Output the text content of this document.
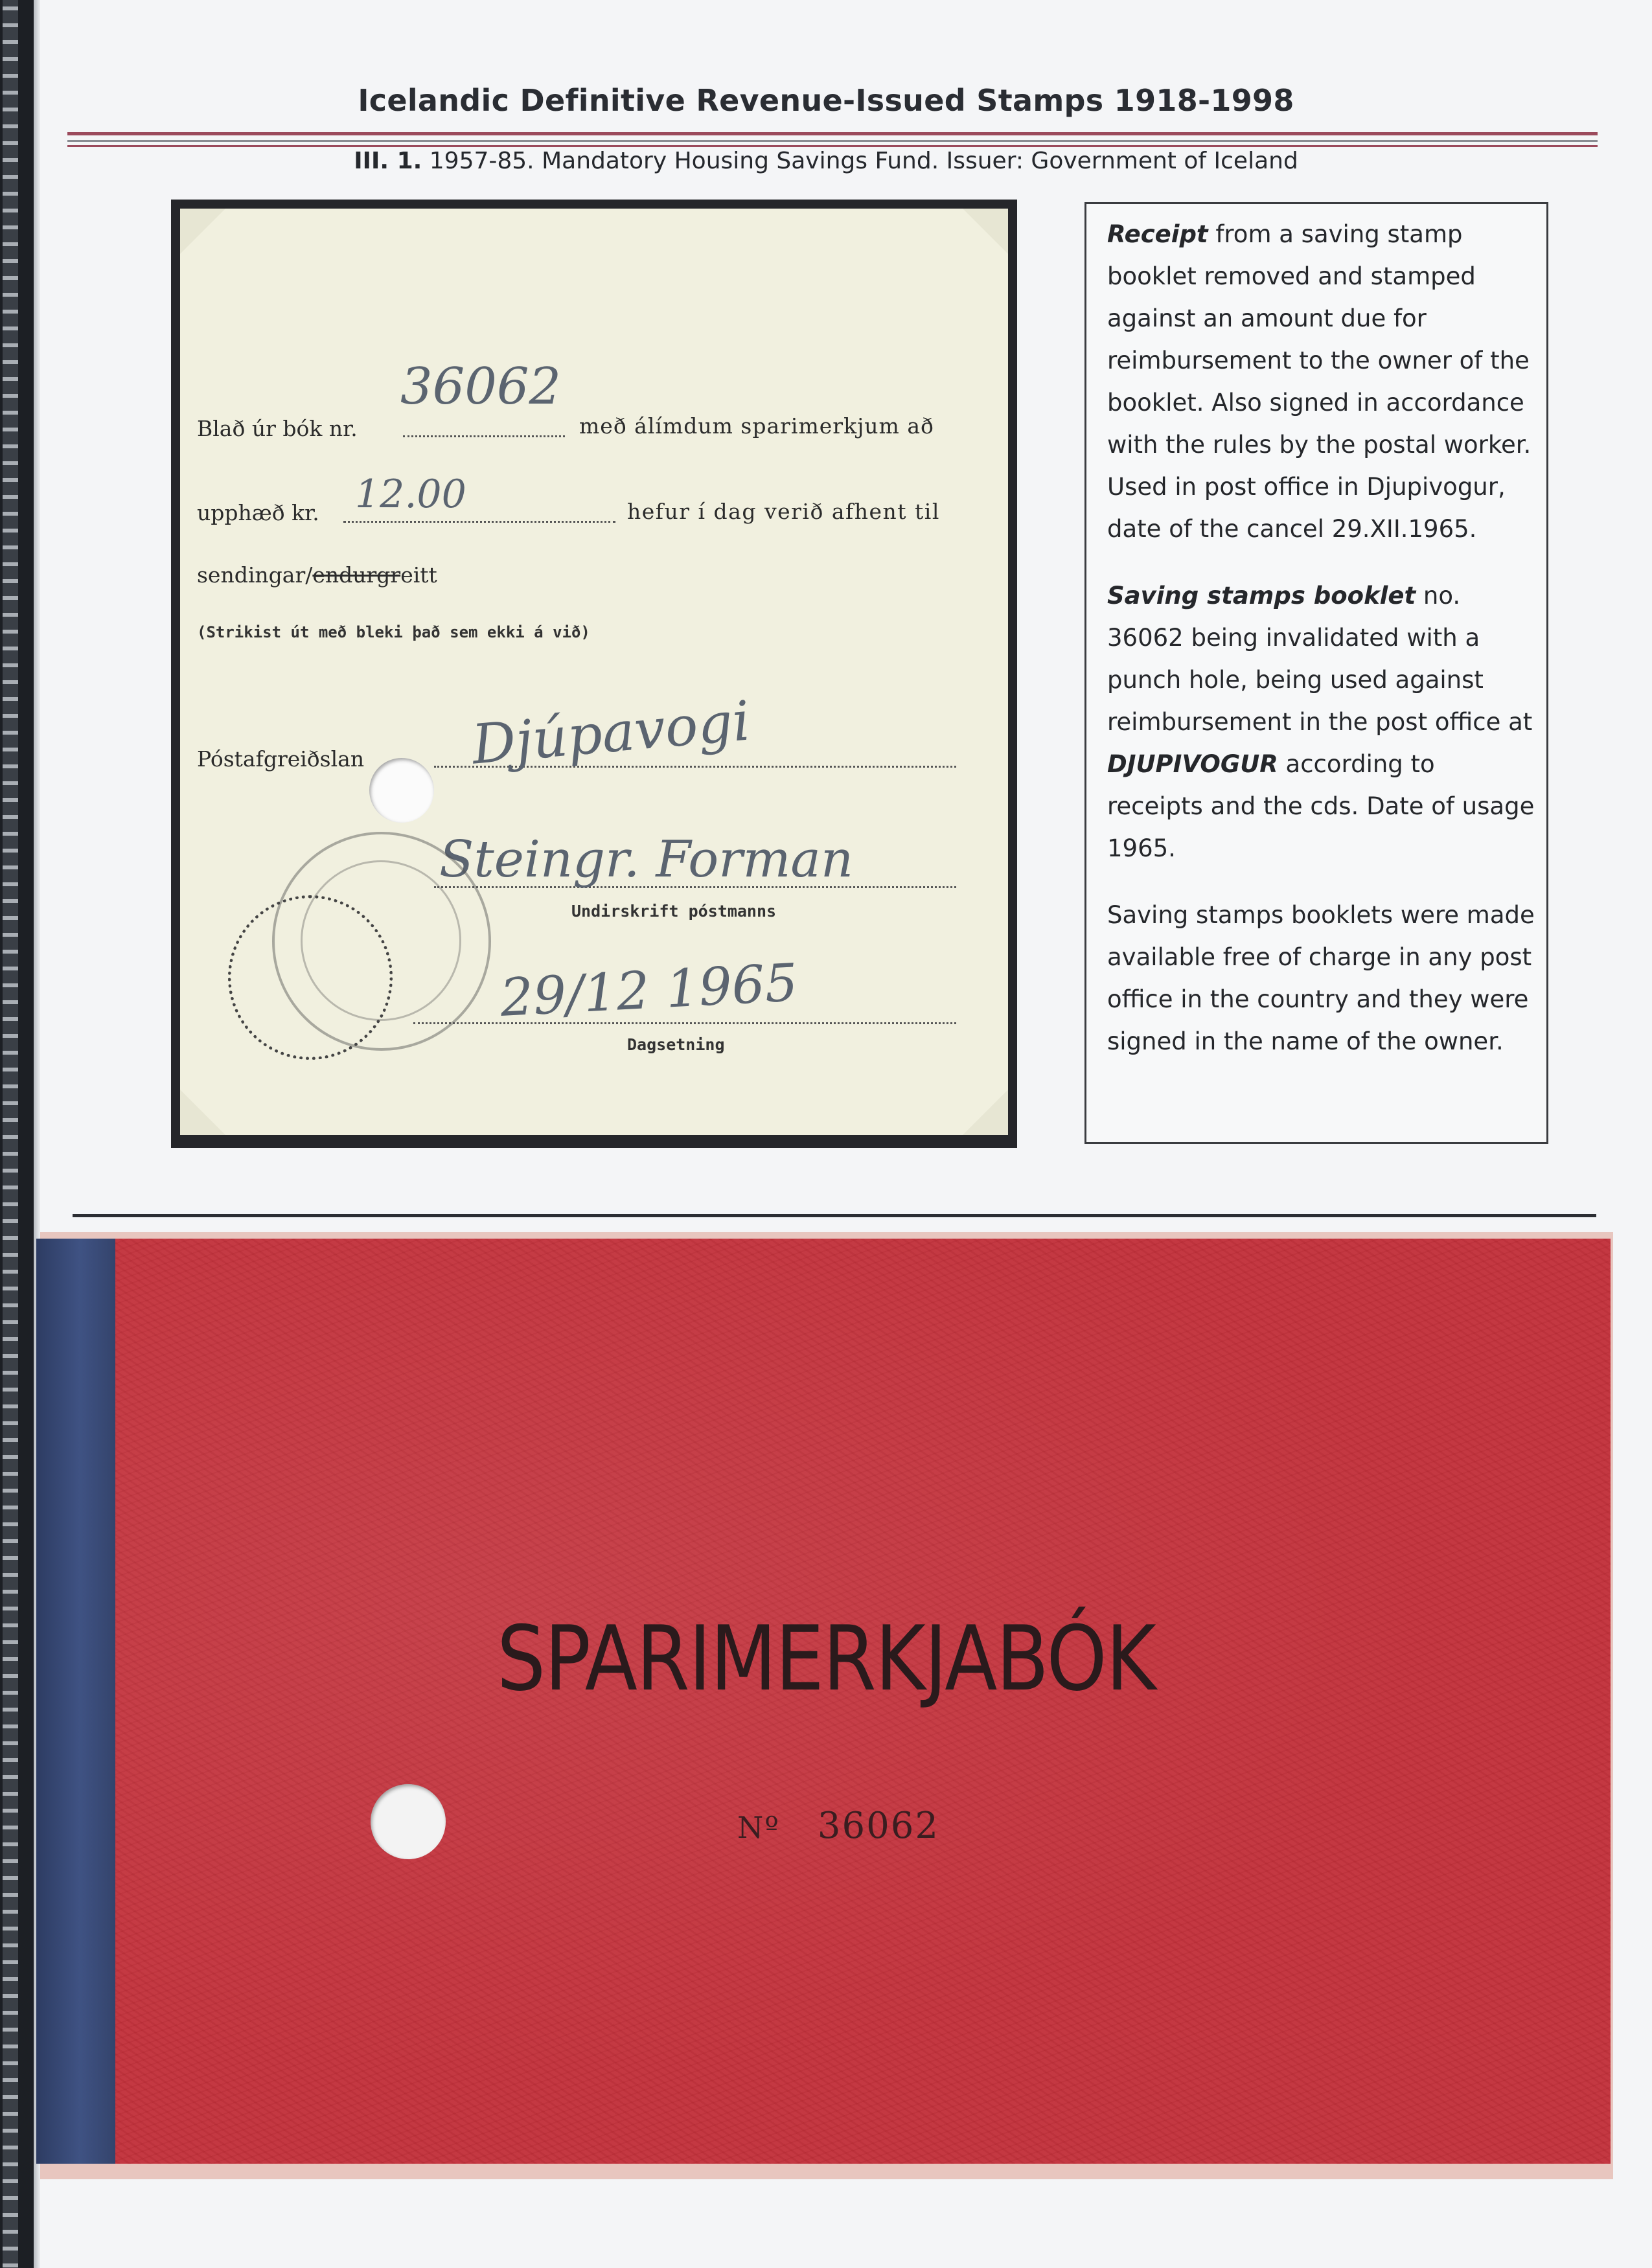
Icelandic Definitive Revenue-Issued Stamps 1918-1998
III. 1. 1957-85. Mandatory Housing Savings Fund. Issuer: Government of Iceland
Blað úr bók nr.
36062
með álímdum sparimerkjum að
upphæð kr. 12.00	hefur í dag verið afhent til
sendingar/endurgreitt
(Strikist út með bleki það sem ekki á við)
Póstafgreiðslan Djúpavogi
Steingr. Forman
Undirskrift póstmanns
29/12 1965
Dagsetning

Receipt from a saving stamp booklet removed and stamped against an amount due for reimbursement to the owner of the booklet. Also signed in accordance with the rules by the postal worker. Used in post office in Djupivogur, date of the cancel 29.XII.1965.

Saving stamps booklet no. 36062 being invalidated with a punch hole, being used against reimbursement in the post office at DJUPIVOGUR according to receipts and the cds. Date of usage 1965.

Saving stamps booklets were made available free of charge in any post office in the country and they were signed in the name of the owner.

SPARIMERKJABÓK
Nº 36062
